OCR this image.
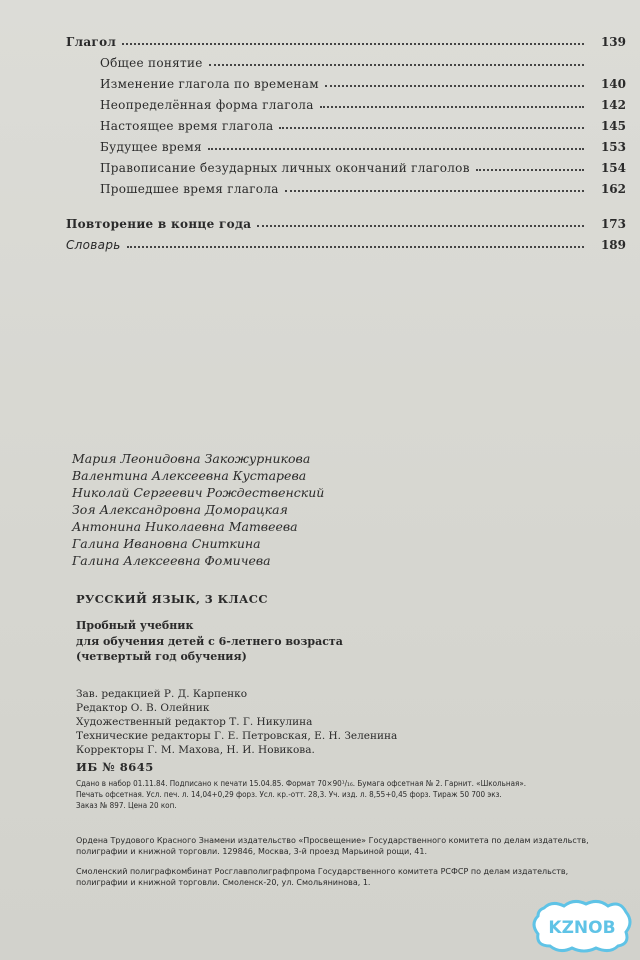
Глагол	139
Общее понятие
Изменение глагола по временам	140
Неопределённая форма глагола	142
Настоящее время глагола	145
Будущее время	153
Правописание безударных личных окончаний глаголов	154
Прошедшее время глагола	162
Повторение в конце года	173
Словарь	189
Мария Леонидовна Закожурникова
Валентина Алексеевна Кустарева
Николай Сергеевич Рождественский
Зоя Александровна Доморацкая
Антонина Николаевна Матвеева
Галина Ивановна Сниткина
Галина Алексеевна Фомичева
РУССКИЙ ЯЗЫК, 3 КЛАСС
Пробный учебник
для обучения детей с 6-летнего возраста
(четвертый год обучения)
Зав. редакцией Р. Д. Карпенко
Редактор О. В. Олейник
Художественный редактор Т. Г. Никулина
Технические редакторы Г. Е. Петровская, Е. Н. Зеленина
Корректоры Г. М. Махова, Н. И. Новикова.
ИБ № 8645
Сдано в набор 01.11.84. Подписано к печати 15.04.85. Формат 70×90¹/₁₆. Бумага офсетная № 2. Гарнит. «Школьная».
Печать офсетная. Усл. печ. л. 14,04+0,29 форз. Усл. кр.-отт. 28,3. Уч. изд. л. 8,55+0,45 форз. Тираж 50 700 экз.
Заказ № 897. Цена 20 коп.
Ордена Трудового Красного Знамени издательство «Просвещение» Государственного комитета по делам издательств,
полиграфии и книжной торговли. 129846, Москва, 3-й проезд Марьиной рощи, 41.
Смоленский полиграфкомбинат Росглавполиграфпрома Государственного комитета РСФСР по делам издательств,
полиграфии и книжной торговли. Смоленск-20, ул. Смольянинова, 1.
KZNOB
